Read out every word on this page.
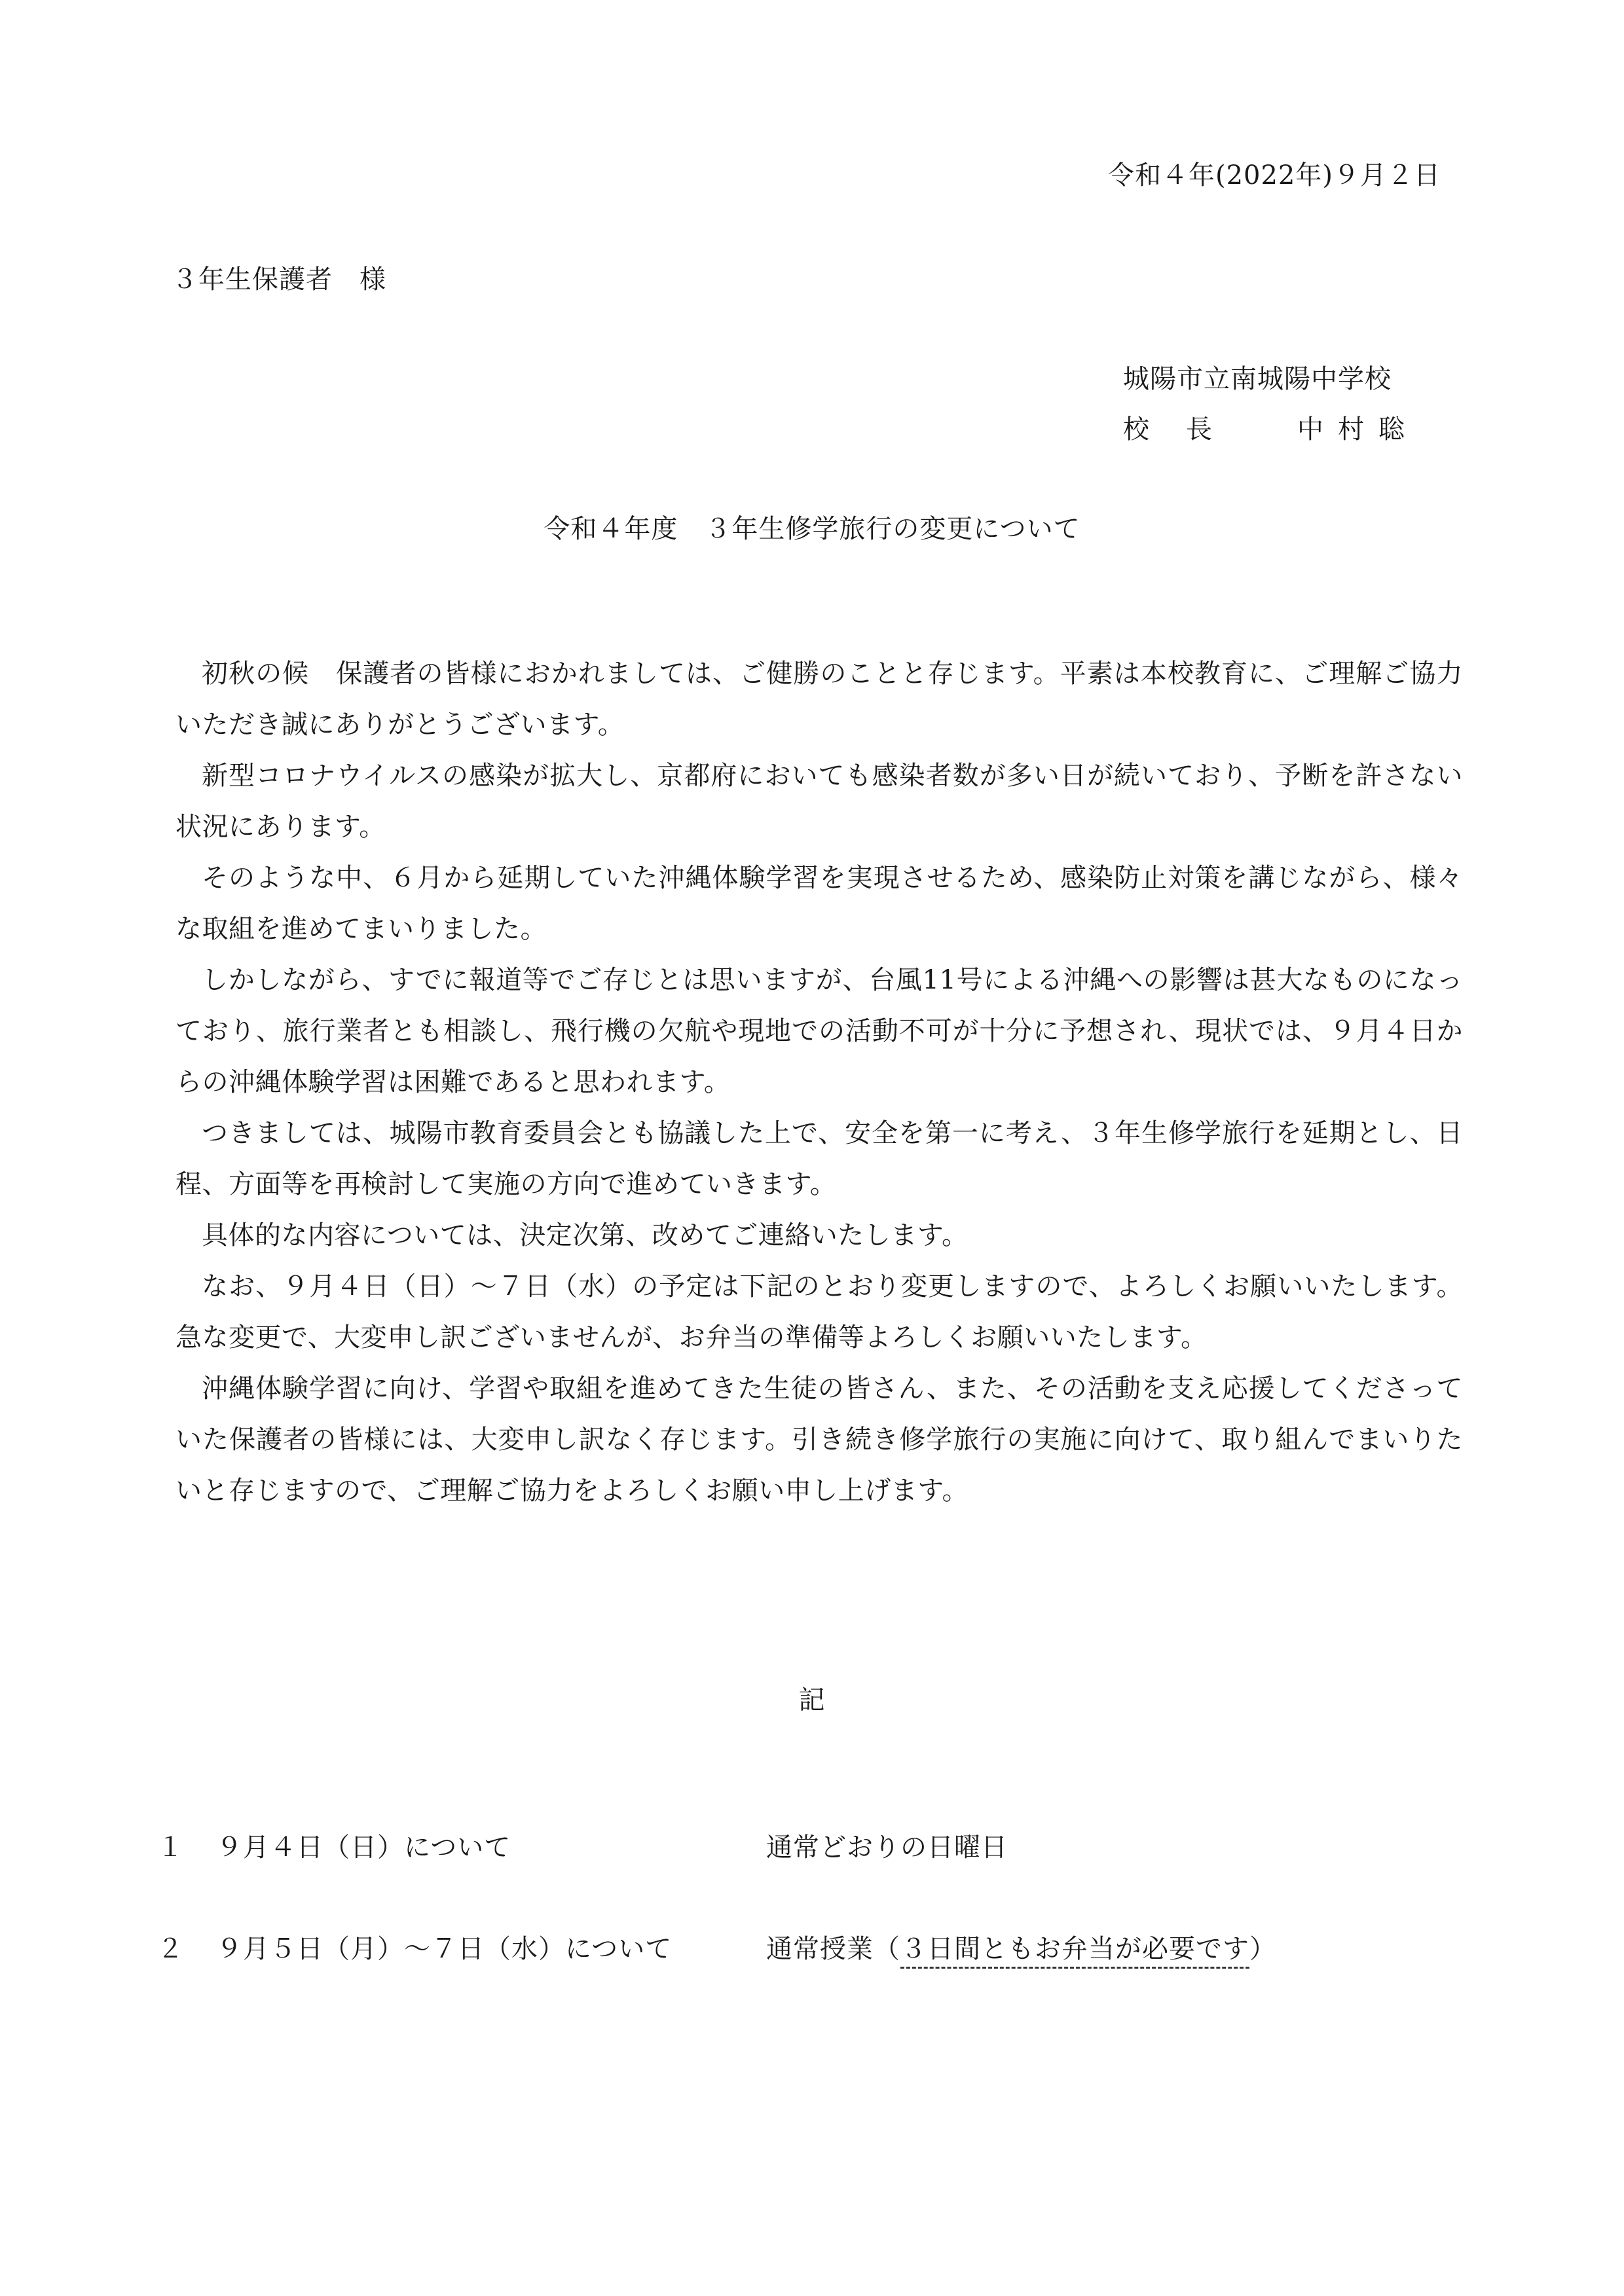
令和４年(2022年)９月２日
３年生保護者　様
城陽市立南城陽中学校
校長 中村聡
令和４年度　３年生修学旅行の変更について

初秋の候　保護者の皆様におかれましては、ご健勝のことと存じます。平素は本校教育に、ご理解ご協力いただき誠にありがとうございます。

新型コロナウイルスの感染が拡大し、京都府においても感染者数が多い日が続いており、予断を許さない状況にあります。

そのような中、６月から延期していた沖縄体験学習を実現させるため、感染防止対策を講じながら、様々な取組を進めてまいりました。

しかしながら、すでに報道等でご存じとは思いますが、台風11号による沖縄への影響は甚大なものになっており、旅行業者とも相談し、飛行機の欠航や現地での活動不可が十分に予想され、現状では、９月４日からの沖縄体験学習は困難であると思われます。

つきましては、城陽市教育委員会とも協議した上で、安全を第一に考え、３年生修学旅行を延期とし、日程、方面等を再検討して実施の方向で進めていきます。

具体的な内容については、決定次第、改めてご連絡いたします。

なお、９月４日（日）～７日（水）の予定は下記のとおり変更しますので、よろしくお願いいたします。急な変更で、大変申し訳ございませんが、お弁当の準備等よろしくお願いいたします。

沖縄体験学習に向け、学習や取組を進めてきた生徒の皆さん、また、その活動を支え応援してくださっていた保護者の皆様には、大変申し訳なく存じます。引き続き修学旅行の実施に向けて、取り組んでまいりたいと存じますので、ご理解ご協力をよろしくお願い申し上げます。

記
１ ９月４日（日）について	通常どおりの日曜日
２ ９月５日（月）～７日（水）について	通常授業（３日間ともお弁当が必要です）
